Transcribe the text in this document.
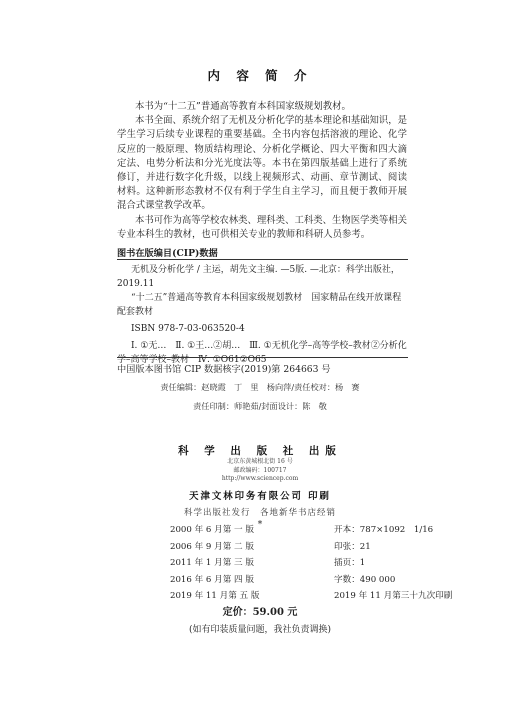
内 容 简 介

本书为“十二五”普通高等教育本科国家级规划教材。

本书全面、系统介绍了无机及分析化学的基本理论和基础知识，是学生学习后续专业课程的重要基础。全书内容包括溶液的理论、化学反应的一般原理、物质结构理论、分析化学概论、四大平衡和四大滴定法、电势分析法和分光光度法等。本书在第四版基础上进行了系统修订，并进行数字化升级，以线上视频形式、动画、章节测试、阅读材料。这种新形态教材不仅有利于学生自主学习，而且便于教师开展混合式课堂教学改革。

本书可作为高等学校农林类、理科类、工科类、生物医学类等相关专业本科生的教材，也可供相关专业的教师和科研人员参考。

图书在版编目(CIP)数据

无机及分析化学 / 主运，胡先文主编. —5版. —北京：科学出版社，2019.11

“十二五”普通高等教育本科国家级规划教材　国家精品在线开放课程配套教材

ISBN 978-7-03-063520-4

Ⅰ. ①无…　Ⅱ. ①王…②胡…　Ⅲ. ①无机化学–高等学校–教材②分析化学–高等学校–教材　Ⅳ. ①O61②O65

中国版本图书馆 CIP 数据核字(2019)第 264663 号
责任编辑：赵晓霞　丁　里　杨向萍/责任校对：杨　赛
责任印制：师艳茹/封面设计：陈　敬
科 学 出 版 社 出版
北京东黄城根北街 16 号
邮政编码：100717
http://www.sciencep.com
天津文林印务有限公司 印刷
科学出版社发行　各地新华书店经销
*
2000 年 6 月第 一 版	开本：787×1092　1/16
2006 年 9 月第 二 版	印张：21
2011 年 1 月第 三 版	插页：1
2016 年 6 月第 四 版	字数：490 000
2019 年 11 月第 五 版	2019 年 11 月第三十九次印刷
定价：59.00 元
(如有印装质量问题，我社负责调换)
